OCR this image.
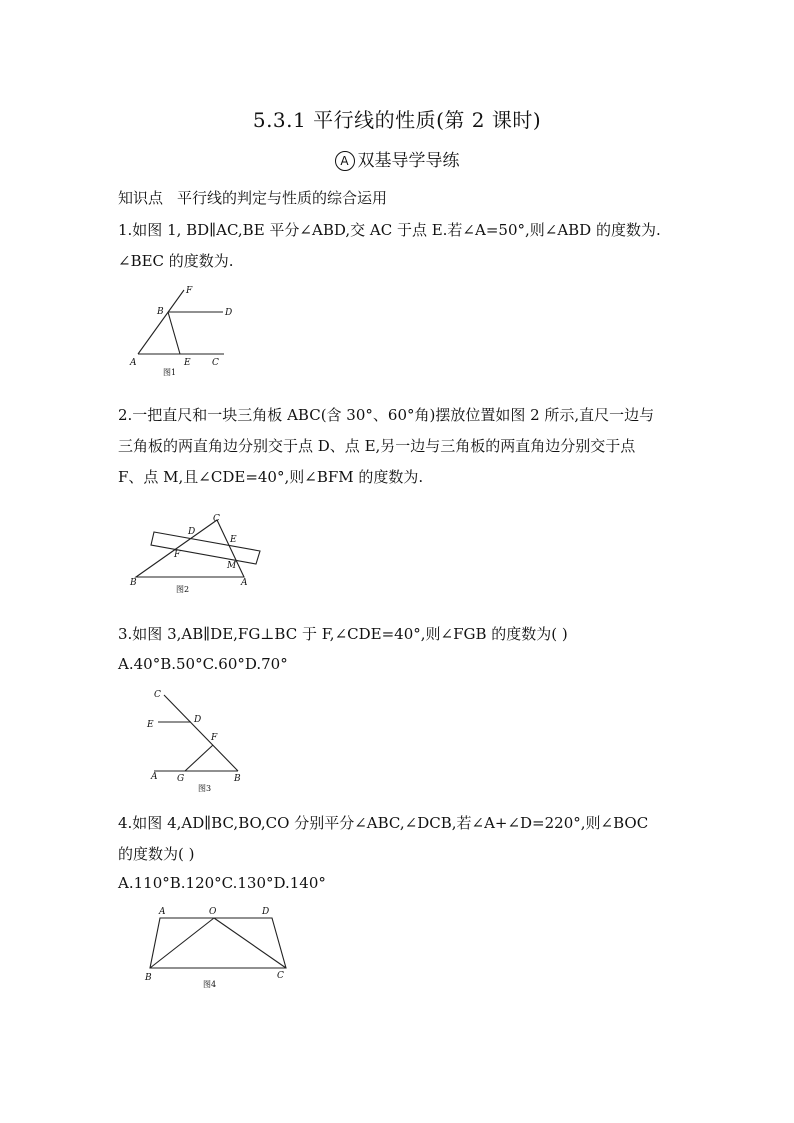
5.3.1 平行线的性质(第 2 课时)
A 双基导学导练
知识点 平行线的判定与性质的综合运用
1.如图 1, BD∥AC,BE 平分∠ABD,交 AC 于点 E.若∠A=50°,则∠ABD 的度数为.
∠BEC 的度数为.
F
B	D
A	E C
图1
2.一把直尺和一块三角板 ABC(含 30°、60°角)摆放位置如图 2 所示,直尺一边与
三角板的两直角边分别交于点 D、点 E,另一边与三角板的两直角边分别交于点
F、点 M,且∠CDE=40°,则∠BFM 的度数为.
C
D
E
F
M
B	A
图2
3.如图 3,AB∥DE,FG⊥BC 于 F,∠CDE=40°,则∠FGB 的度数为( )
A.40°B.50°C.60°D.70°
C
E	D
F
A G	B
图3
4.如图 4,AD∥BC,BO,CO 分别平分∠ABC,∠DCB,若∠A+∠D=220°,则∠BOC
的度数为( )
A.110°B.120°C.130°D.140°
A	O	D
B	C
图4
